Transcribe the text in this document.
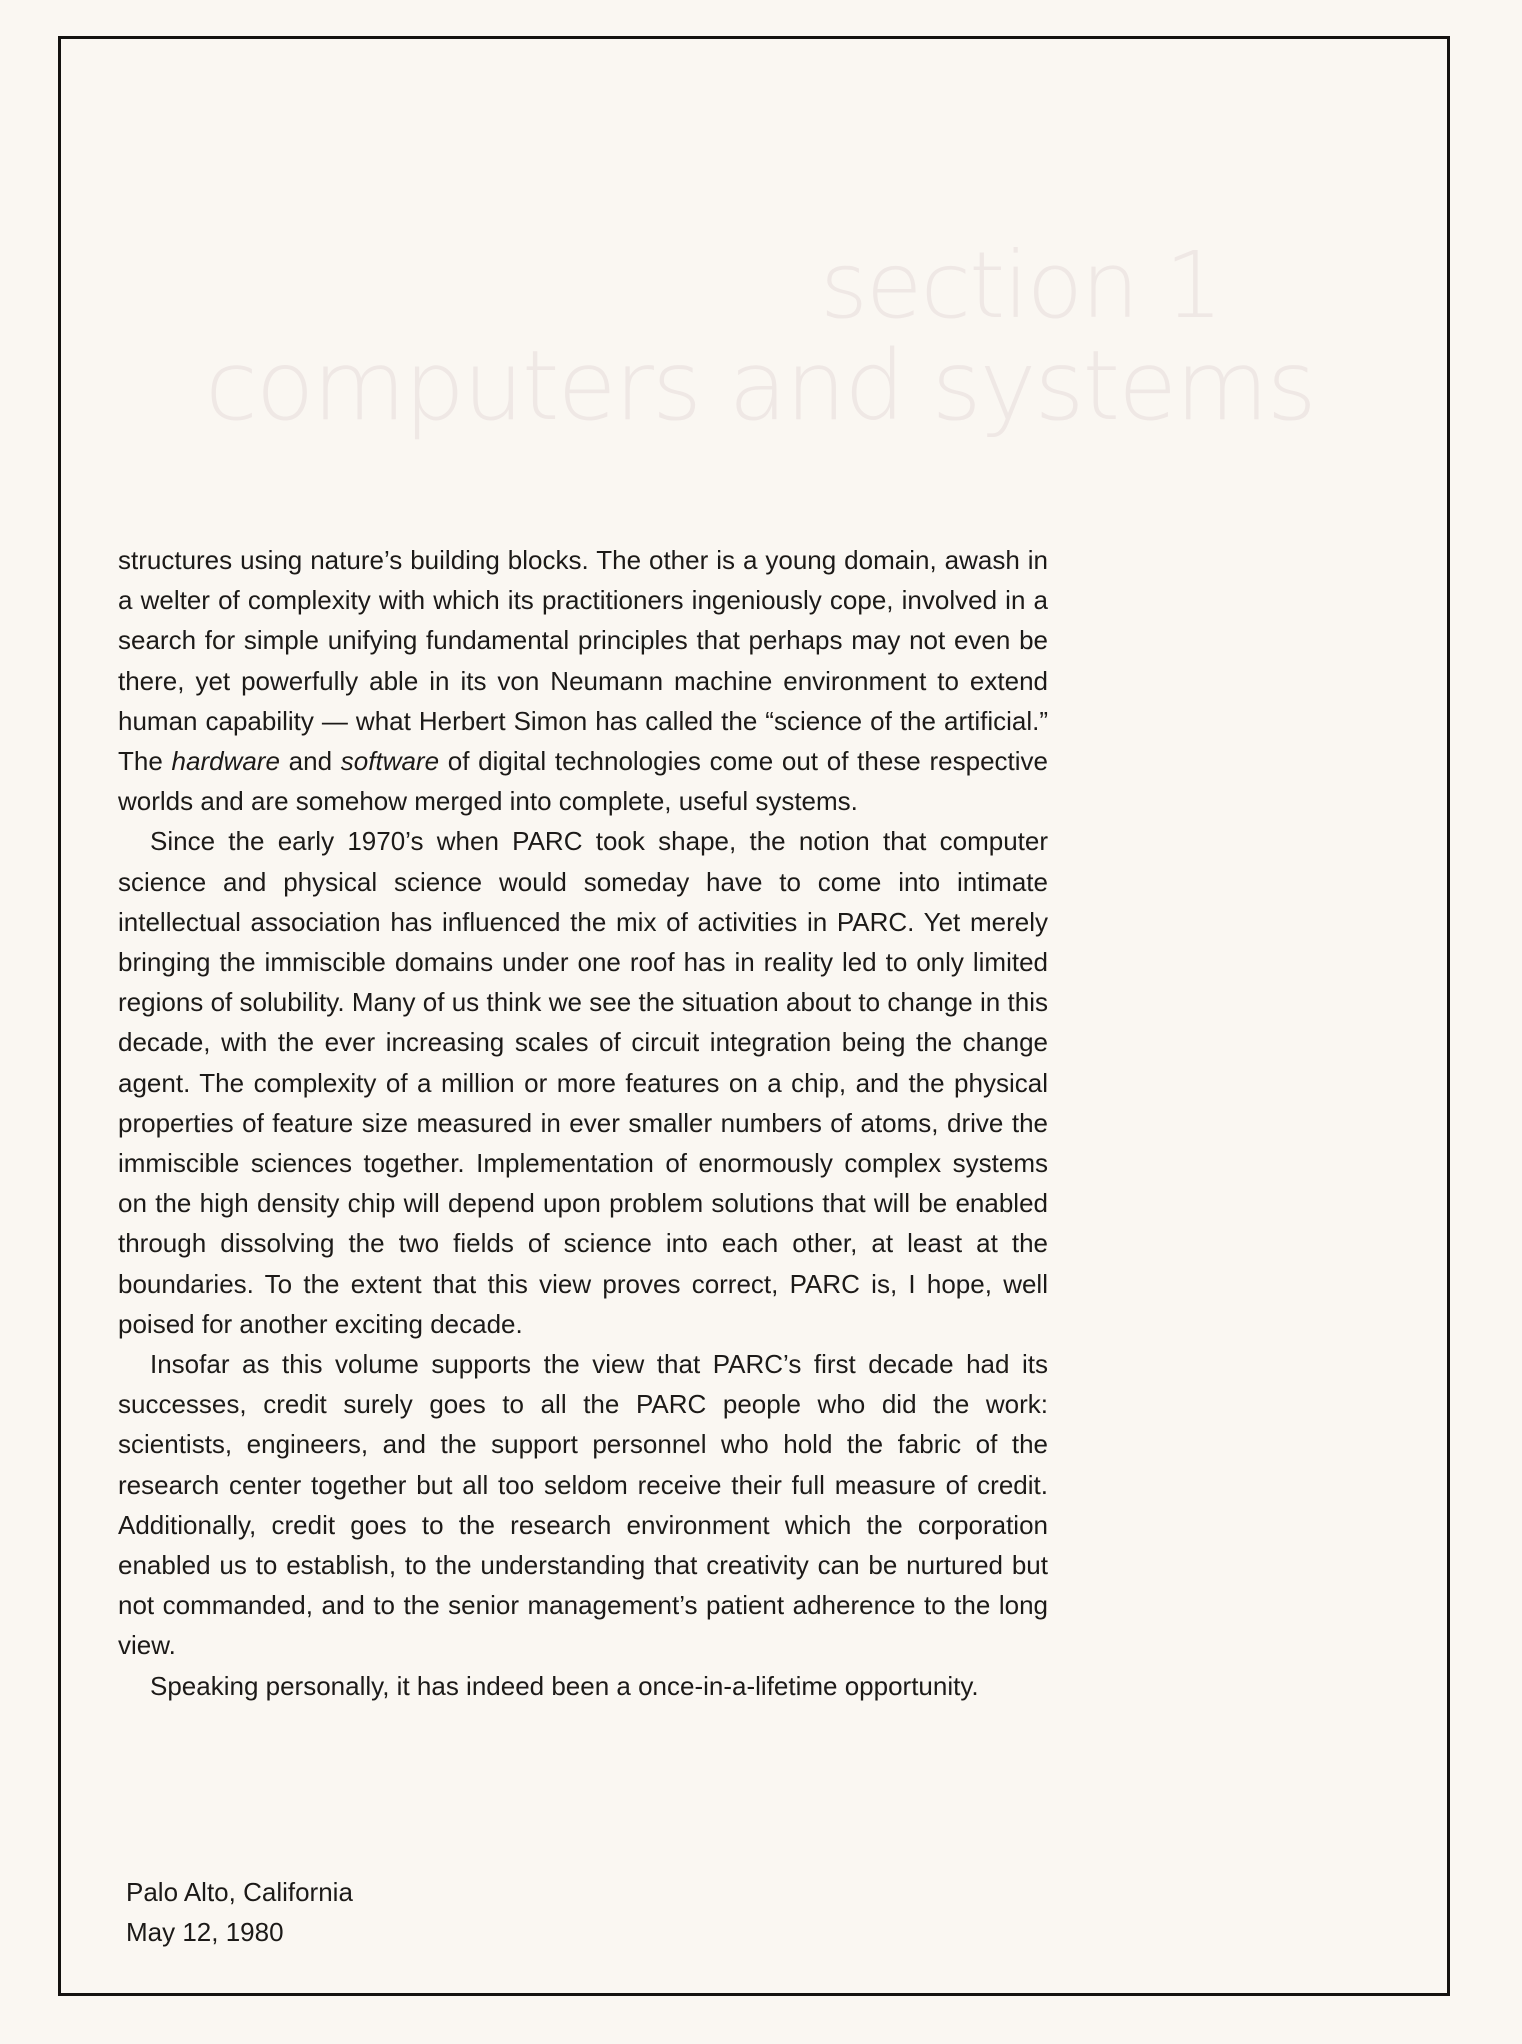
section 1
computers and systems

structures using nature’s building blocks. The other is a young domain, awash in a welter of complexity with which its practitioners ingeniously cope, involved in a search for simple unifying fundamental principles that perhaps may not even be there, yet powerfully able in its von Neumann machine environment to extend human capability — what Herbert Simon has called the “science of the artificial.” The hardware and software of digital technologies come out of these respective worlds and are somehow merged into complete, useful systems.

Since the early 1970’s when PARC took shape, the notion that computer science and physical science would someday have to come into intimate intellectual association has influenced the mix of activities in PARC. Yet merely bringing the immiscible domains under one roof has in reality led to only limited regions of solubility. Many of us think we see the situation about to change in this decade, with the ever increasing scales of circuit integration being the change agent. The complexity of a million or more features on a chip, and the physical properties of feature size measured in ever smaller numbers of atoms, drive the immiscible sciences together. Implementation of enormously complex systems on the high density chip will depend upon problem solutions that will be enabled through dissolving the two fields of science into each other, at least at the boundaries. To the extent that this view proves correct, PARC is, I hope, well poised for another exciting decade.

Insofar as this volume supports the view that PARC’s first decade had its successes, credit surely goes to all the PARC people who did the work: scientists, engineers, and the support personnel who hold the fabric of the research center together but all too seldom receive their full measure of credit. Additionally, credit goes to the research environment which the corporation enabled us to establish, to the understanding that creativity can be nurtured but not commanded, and to the senior management’s patient adherence to the long view.

Speaking personally, it has indeed been a once-in-a-lifetime opportunity.

Palo Alto, California
May 12, 1980
